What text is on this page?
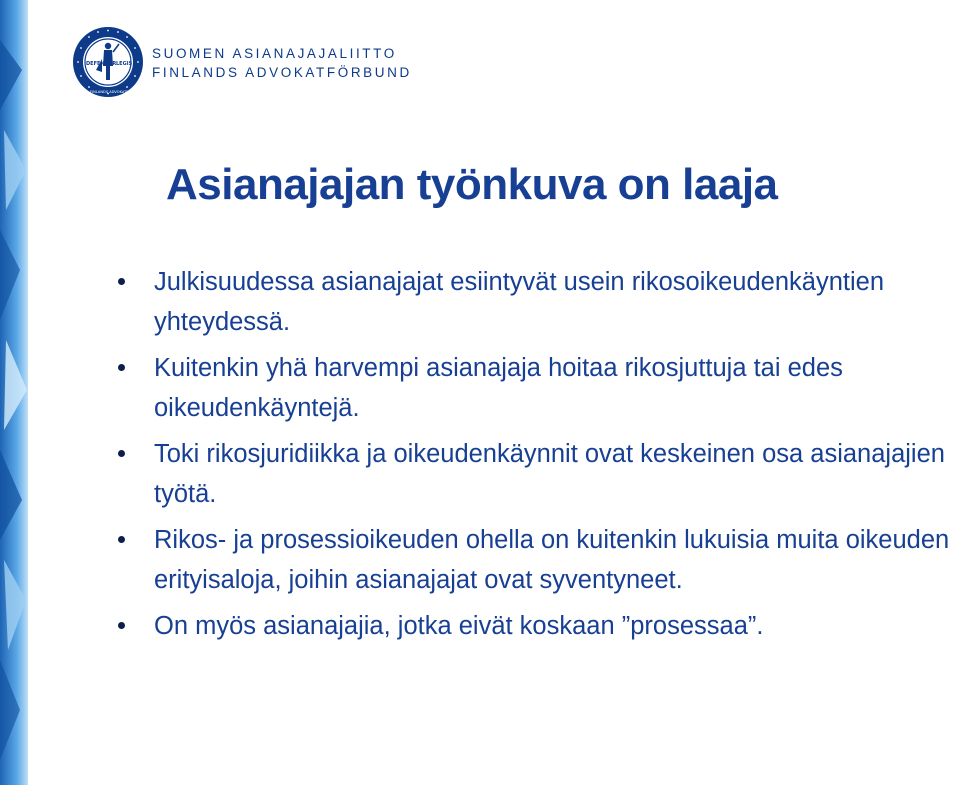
DEFENSOR LEGIS
FINLANDS ADVOKATFÖRBUND
SUOMEN ASIANAJAJALIITTO
FINLANDS ADVOKATFÖRBUND
Asianajajan työnkuva on laaja
Julkisuudessa asianajajat esiintyvät usein rikosoikeudenkäyntien yhteydessä.
Kuitenkin yhä harvempi asianajaja hoitaa rikosjuttuja tai edes oikeudenkäyntejä.
Toki rikosjuridiikka ja oikeudenkäynnit ovat keskeinen osa asianajajien työtä.
Rikos- ja prosessioikeuden ohella on kuitenkin lukuisia muita oikeuden erityisaloja, joihin asianajajat ovat syventyneet.
On myös asianajajia, jotka eivät koskaan ”prosessaa”.
